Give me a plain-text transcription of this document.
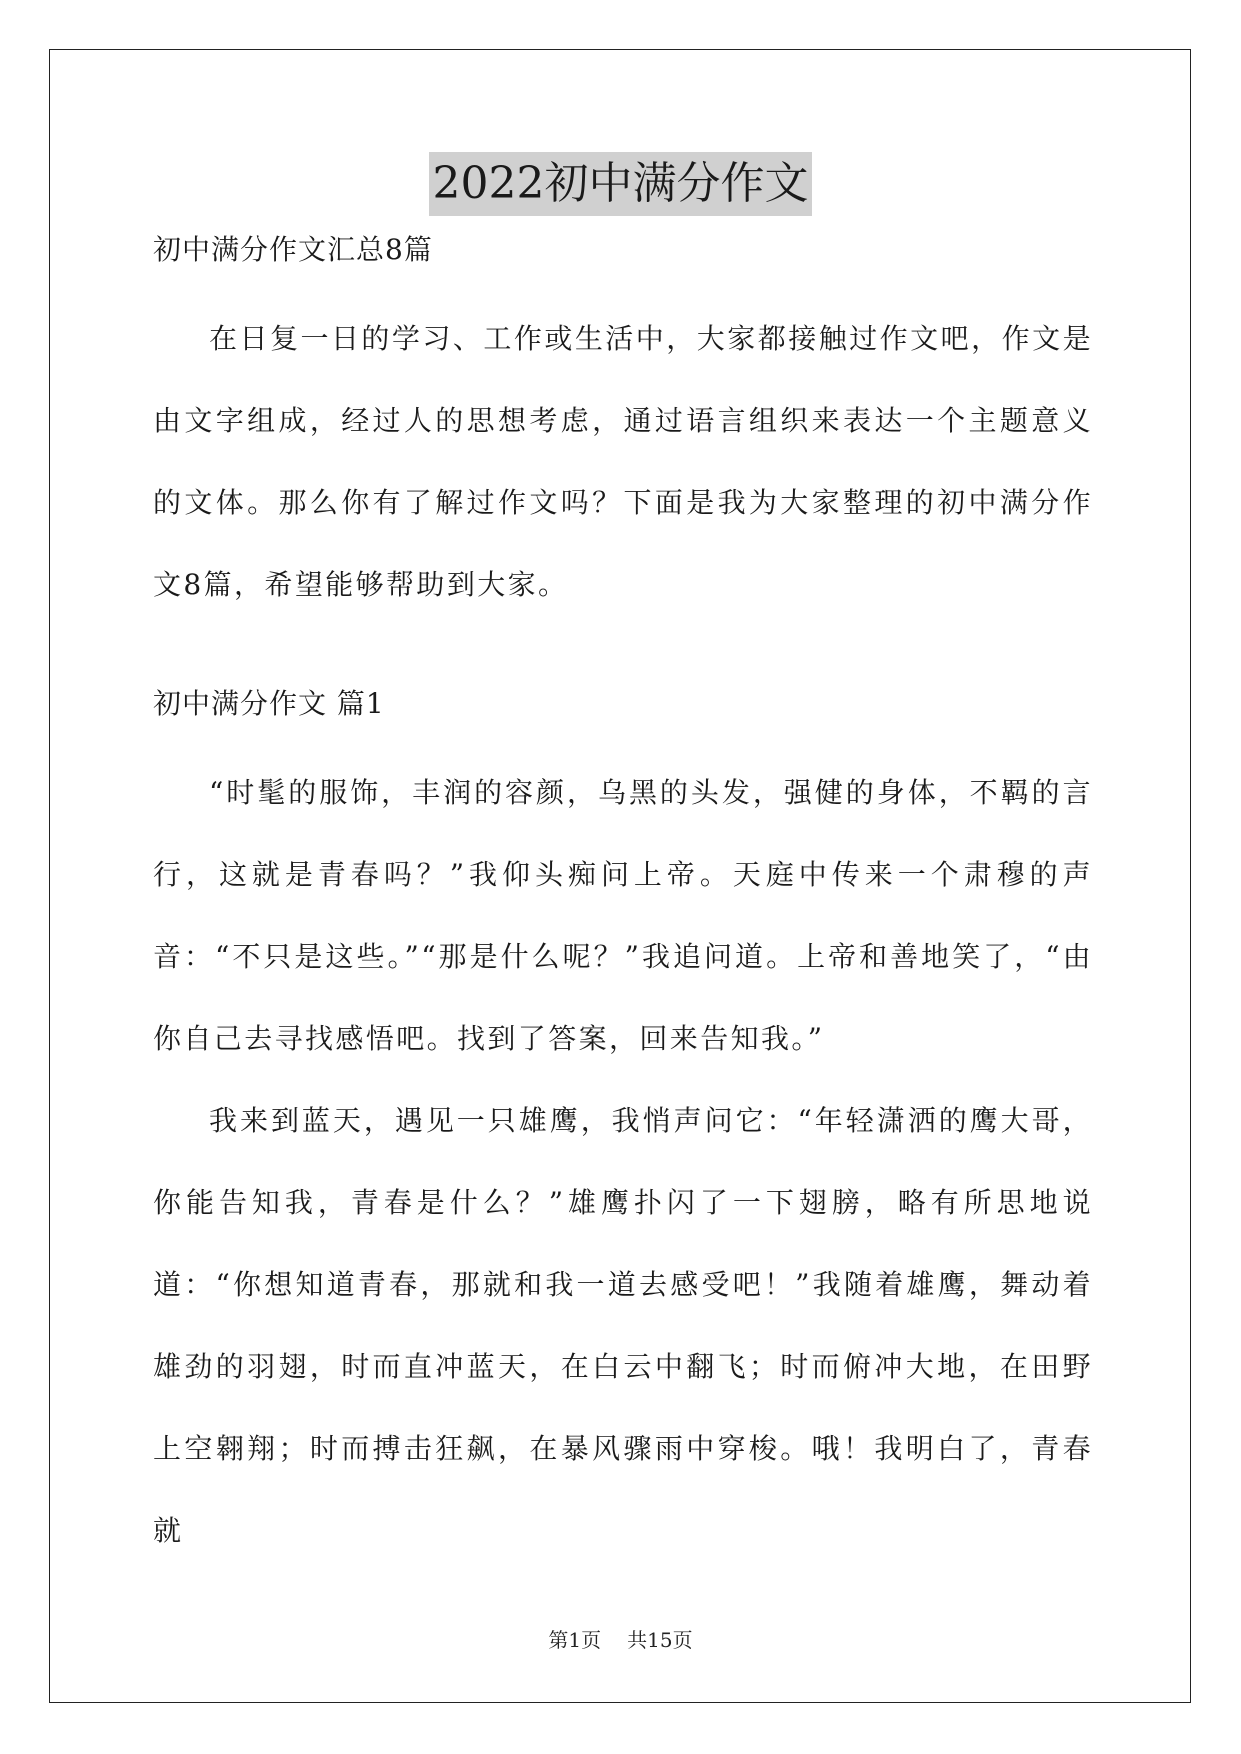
2022初中满分作文

初中满分作文汇总8篇

在日复一日的学习、工作或生活中，大家都接触过作文吧，作文是由文字组成，经过人的思想考虑，通过语言组织来表达一个主题意义的文体。那么你有了解过作文吗？下面是我为大家整理的初中满分作文8篇，希望能够帮助到大家。

初中满分作文 篇1

“时髦的服饰，丰润的容颜，乌黑的头发，强健的身体，不羁的言行，这就是青春吗？”我仰头痴问上帝。天庭中传来一个肃穆的声音：“不只是这些。”“那是什么呢？”我追问道。上帝和善地笑了，“由你自己去寻找感悟吧。找到了答案，回来告知我。”

我来到蓝天，遇见一只雄鹰，我悄声问它：“年轻潇洒的鹰大哥，你能告知我，青春是什么？”雄鹰扑闪了一下翅膀，略有所思地说道：“你想知道青春，那就和我一道去感受吧！”我随着雄鹰，舞动着雄劲的羽翅，时而直冲蓝天，在白云中翻飞；时而俯冲大地，在田野上空翱翔；时而搏击狂飙，在暴风骤雨中穿梭。哦！我明白了，青春就

第1页 共15页
